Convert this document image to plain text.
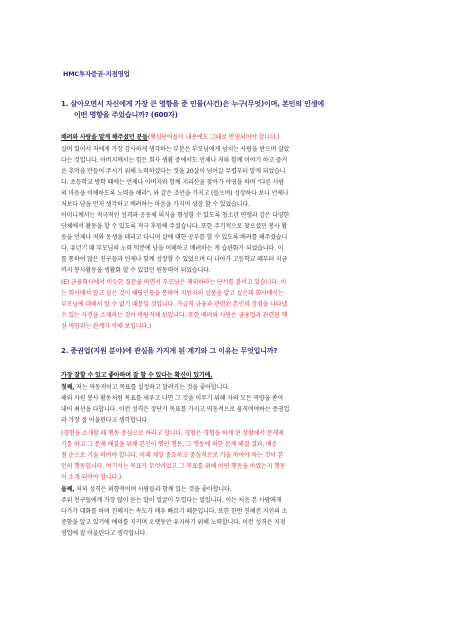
HMC투자증권-지점영업
1. 살아오면서 자신에게 가장 큰 영향을 준 인물(사건)은 누구(무엇)이며, 본인의 인생에
이떤 영향을 주었습니까? (600자)
배려와 사랑을 알게 해주셨던 분들(핵심단어들이 내용에도 그대로 반영되어야 합니다.)
살며 있어서 저에게 가장 감사하게 생각하는 부분은 부모님에게 넘치는 사랑을 받으며 살았
다는 것입니다. 아버지께서는 힘든 회사 생활 중에서도 언제나 저와 함께 이야기 하고 즐거
운 추억을 만들어 주시기 위해 노력하셨다는 것을 20살이 넘어갈 무렵부터 알게 되었습니
다. 초등학교 방학 때에는 언제나 아버지와 함께 지리산을 찾아가 야영을 하며 "다른 사람
의 마음을 이해하도록 노력을 해라", 와 같은 조언을 가지고 (들으며) 성장하다 보니 언제나
저보다 남을 먼저 생각하고 배려하는 마음을 가지며 성장 할 수 있었습니다.
어머니께서는 적극적인 성격과 공동체 의식을 형성할 수 있도록 청소년 연맹과 같은 다양한
단체에서 활동을 할 수 있도록 적극 후원해 주셨습니다. 또한 주기적으로 찾으셨던 봉사 활
동을 언제나 저와 동생을 데리고 다니며 살에 대한 공부를 할 수 있도록 배려를 해주셨습니
다. 유년기 때 부모님의 노력 덕분에 남을 이해하고 배려하는 게 습관화가 되었습니다. 이
를 통하여 많은 친구들과 언제나 함께 성장할 수 있었으며 더 나아가 고등학교 때부터 지금
까지 봉사활동을 생활화 할 수 있었던 원동력이 되었습니다.
(E) 금융회사에서 비슷한 질문을 하면서 부모님은 제외하라는 단서를 붙이고 있습니다. 이
는 회사에서 알고 싶은 것이 해당인물을 통하여 지원자의 성품을 알고 싶은데 회사에서는
부모님에 대해서 알 수 없기 때문일 것입니다. 가급적 금융과 관련된 본인의 장점을 나타낼
수 있는 사건을 소재하는 것이 바람직해 보입니다. 또한 배려와 사랑은 금융업과 관련된 핵
심 역량과는 관계가 약해 보입니다.)
2. 증권업(지원 분야)에 관심을 가지게 된 계기와 그 이유는 무엇입니까?
가장 잘할 수 있고 좋아하며 잘 할 수 있다는 확신이 있기에.
첫째, 저는 역동적이고 목표를 설정하고 달려가는 것을 좋아합니다.
해외 자원 봉사 활동처럼 목표를 세우고 나면 그 것을 이루기 위해 자의 모든 역량을 쏟아
내어 최선을 다합니다. 이런 성격은 장단기 목표를 가지고 역동적으로 움직여야하는 증권업
과 가장 잘 어울린다고 생각합니다.
(경험을 소개할 때 행동 중심으로 하라고 합니다. 경험은 경험을 하게 된 상황에서 문제제
기를 하고 그 문제 해결을 위해 본인이 했던 행동, 그 행동에 의한 문제 해결 결과, 배운
점 순으로 기술 하여야 합니다. 이때 제일 중요하고 중심적으로 기술 하여야 하는 것이 본
인의 행동입니다. 여기서는 목표가 무엇이었고 그 목표를 위해 어떤 행동을 하였는지 행동
이 소개 되어야 합니다.)
둘째, 저의 성격은 외향적이며 사람들과 함께 있는 것을 좋아합니다.
주위 친구들에게 가장 많이 듣는 말이 얼굴이 두껍다는 말입니다. 이는 처음 본 사람에게
다가가 대화를 하며 친해지는 속도가 매우 빠르기 때문입니다. 또한 한번 친해진 지인의 소
중함을 알고 있기에 예의를 지키며 오랫동안 유지하기 위해 노력합니다. 이런 성격은 지점
영업에 잘 어울린다고 생각합니다.
